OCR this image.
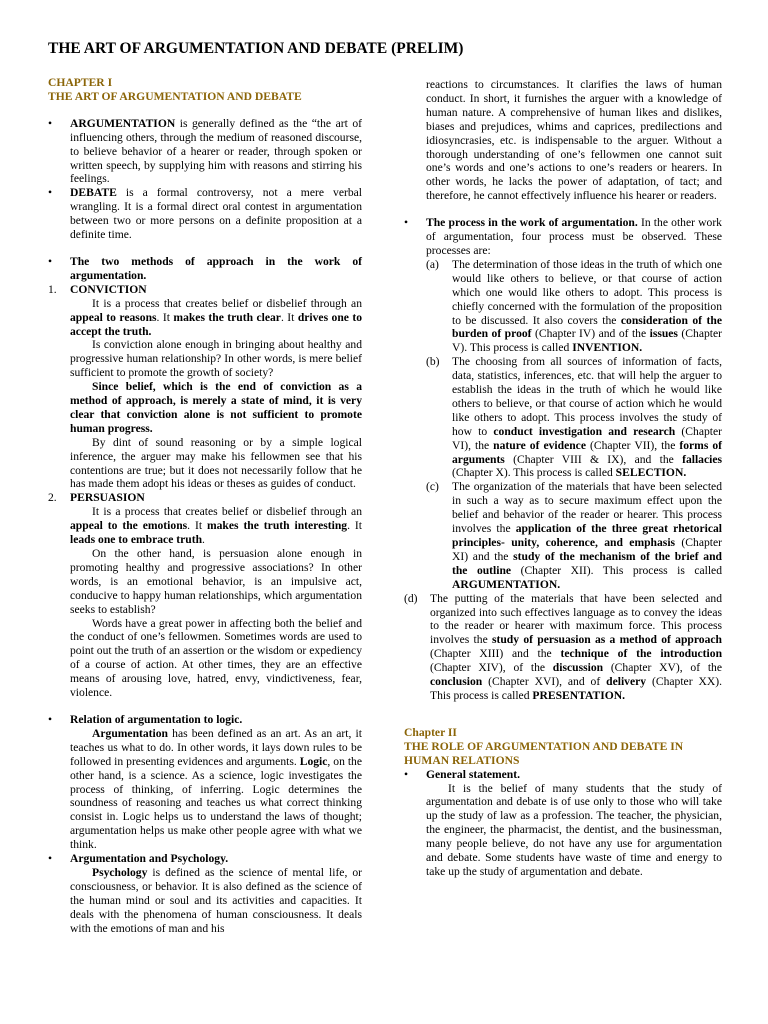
THE ART OF ARGUMENTATION AND DEBATE (PRELIM)
CHAPTER I
THE ART OF ARGUMENTATION AND DEBATE
• ARGUMENTATION is generally defined as the “the art of influencing others, through the medium of reasoned discourse, to believe behavior of a hearer or reader, through spoken or written speech, by supplying him with reasons and stirring his feelings.
• DEBATE is a formal controversy, not a mere verbal wrangling. It is a formal direct oral contest in argumentation between two or more persons on a definite proposition at a definite time.
• The two methods of approach in the work of argumentation.
1. CONVICTION

It is a process that creates belief or disbelief through an appeal to reasons. It makes the truth clear. It drives one to accept the truth.

Is conviction alone enough in bringing about healthy and progressive human relationship? In other words, is mere belief sufficient to promote the growth of society?

Since belief, which is the end of conviction as a method of approach, is merely a state of mind, it is very clear that conviction alone is not sufficient to promote human progress.

By dint of sound reasoning or by a simple logical inference, the arguer may make his fellowmen see that his contentions are true; but it does not necessarily follow that he has made them adopt his ideas or theses as guides of conduct.

2. PERSUASION

It is a process that creates belief or disbelief through an appeal to the emotions. It makes the truth interesting. It leads one to embrace truth.

On the other hand, is persuasion alone enough in promoting healthy and progressive associations? In other words, is an emotional behavior, is an impulsive act, conducive to happy human relationships, which argumentation seeks to establish?

Words have a great power in affecting both the belief and the conduct of one’s fellowmen. Sometimes words are used to point out the truth of an assertion or the wisdom or expediency of a course of action. At other times, they are an effective means of arousing love, hatred, envy, vindictiveness, fear, violence.

• Relation of argumentation to logic.

Argumentation has been defined as an art. As an art, it teaches us what to do. In other words, it lays down rules to be followed in presenting evidences and arguments. Logic, on the other hand, is a science. As a science, logic investigates the process of thinking, of inferring. Logic determines the soundness of reasoning and teaches us what correct thinking consist in. Logic helps us to understand the laws of thought; argumentation helps us make other people agree with what we think.

• Argumentation and Psychology.

Psychology is defined as the science of mental life, or consciousness, or behavior. It is also defined as the science of the human mind or soul and its activities and capacities. It deals with the phenomena of human consciousness. It deals with the emotions of man and his

reactions to circumstances. It clarifies the laws of human conduct. In short, it furnishes the arguer with a knowledge of human nature. A comprehensive of human likes and dislikes, biases and prejudices, whims and caprices, predilections and idiosyncrasies, etc. is indispensable to the arguer. Without a thorough understanding of one’s fellowmen one cannot suit one’s words and one’s actions to one’s readers or hearers. In other words, he lacks the power of adaptation, of tact; and therefore, he cannot effectively influence his hearer or readers.

• The process in the work of argumentation. In the other work of argumentation, four process must be observed. These processes are:
(a) The determination of those ideas in the truth of which one would like others to believe, or that course of action which one would like others to adopt. This process is chiefly concerned with the formulation of the proposition to be discussed. It also covers the consideration of the burden of proof (Chapter IV) and of the issues (Chapter V). This process is called INVENTION.
(b) The choosing from all sources of information of facts, data, statistics, inferences, etc. that will help the arguer to establish the ideas in the truth of which he would like others to believe, or that course of action which he would like others to adopt. This process involves the study of how to conduct investigation and research (Chapter VI), the nature of evidence (Chapter VII), the forms of arguments (Chapter VIII & IX), and the fallacies (Chapter X). This process is called SELECTION.
(c) The organization of the materials that have been selected in such a way as to secure maximum effect upon the belief and behavior of the reader or hearer. This process involves the application of the three great rhetorical principles- unity, coherence, and emphasis (Chapter XI) and the study of the mechanism of the brief and the outline (Chapter XII). This process is called ARGUMENTATION.
(d) The putting of the materials that have been selected and organized into such effectives language as to convey the ideas to the reader or hearer with maximum force. This process involves the study of persuasion as a method of approach (Chapter XIII) and the technique of the introduction (Chapter XIV), of the discussion (Chapter XV), of the conclusion (Chapter XVI), and of delivery (Chapter XX). This process is called PRESENTATION.
Chapter II
THE ROLE OF ARGUMENTATION AND DEBATE IN HUMAN RELATIONS
• General statement.

It is the belief of many students that the study of argumentation and debate is of use only to those who will take up the study of law as a profession. The teacher, the physician, the engineer, the pharmacist, the dentist, and the businessman, many people believe, do not have any use for argumentation and debate. Some students have waste of time and energy to take up the study of argumentation and debate.
